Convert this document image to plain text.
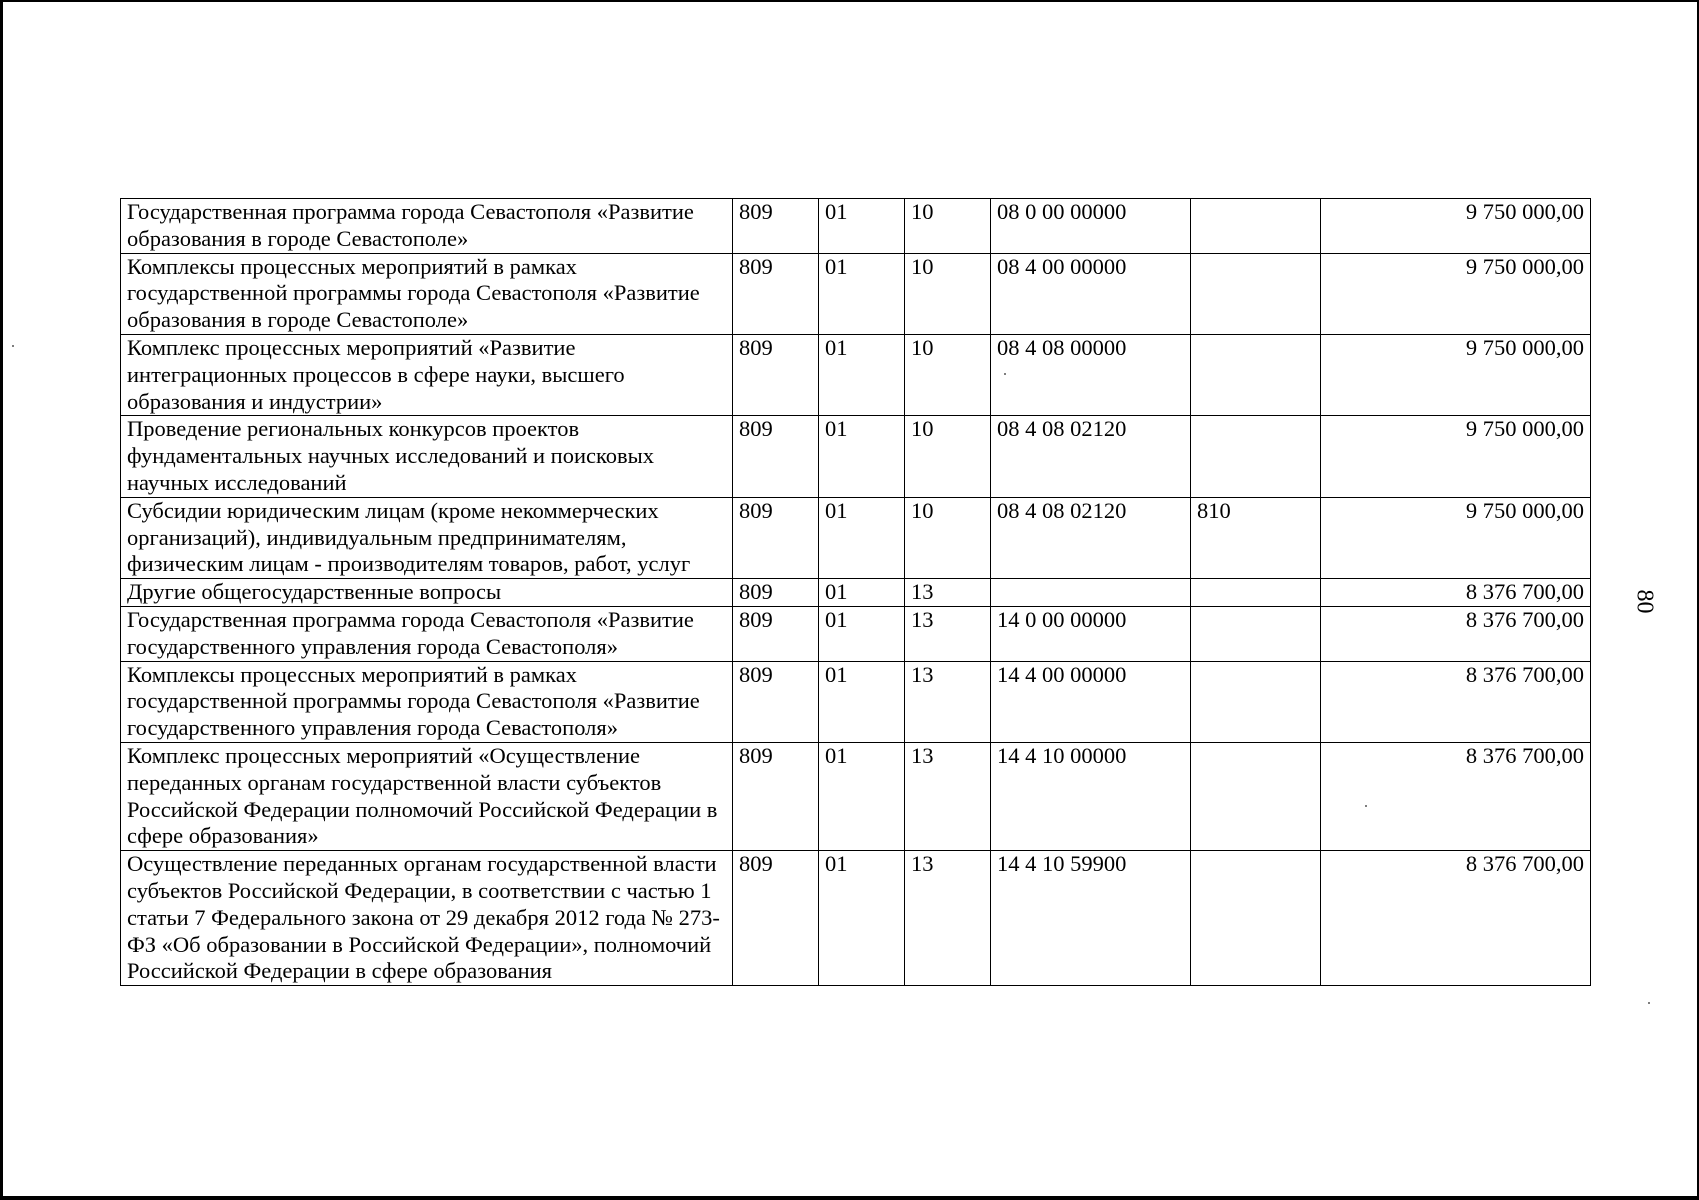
Государственная программа города Севастополя «Развитие образования в городе Севастополе»	809	01	10	08 0 00 00000		9 750 000,00
Комплексы процессных мероприятий в рамках государственной программы города Севастополя «Развитие образования в городе Севастополе»	809	01	10	08 4 00 00000		9 750 000,00
Комплекс процессных мероприятий «Развитие интеграционных процессов в сфере науки, высшего образования и индустрии»	809	01	10	08 4 08 00000		9 750 000,00
Проведение региональных конкурсов проектов фундаментальных научных исследований и поисковых научных исследований	809	01	10	08 4 08 02120		9 750 000,00
Субсидии юридическим лицам (кроме некоммерческих организаций), индивидуальным предпринимателям, физическим лицам - производителям товаров, работ, услуг	809	01	10	08 4 08 02120	810	9 750 000,00
Другие общегосударственные вопросы	809	01	13			8 376 700,00
Государственная программа города Севастополя «Развитие государственного управления города Севастополя»	809	01	13	14 0 00 00000		8 376 700,00
Комплексы процессных мероприятий в рамках государственной программы города Севастополя «Развитие государственного управления города Севастополя»	809	01	13	14 4 00 00000		8 376 700,00
Комплекс процессных мероприятий «Осуществление переданных органам государственной власти субъектов Российской Федерации полномочий Российской Федерации в сфере образования»	809	01	13	14 4 10 00000		8 376 700,00
Осуществление переданных органам государственной власти субъектов Российской Федерации, в соответствии с частью 1 статьи 7 Федерального закона от 29 декабря 2012 года № 273-ФЗ «Об образовании в Российской Федерации», полномочий Российской Федерации в сфере образования	809	01	13	14 4 10 59900		8 376 700,00
80
